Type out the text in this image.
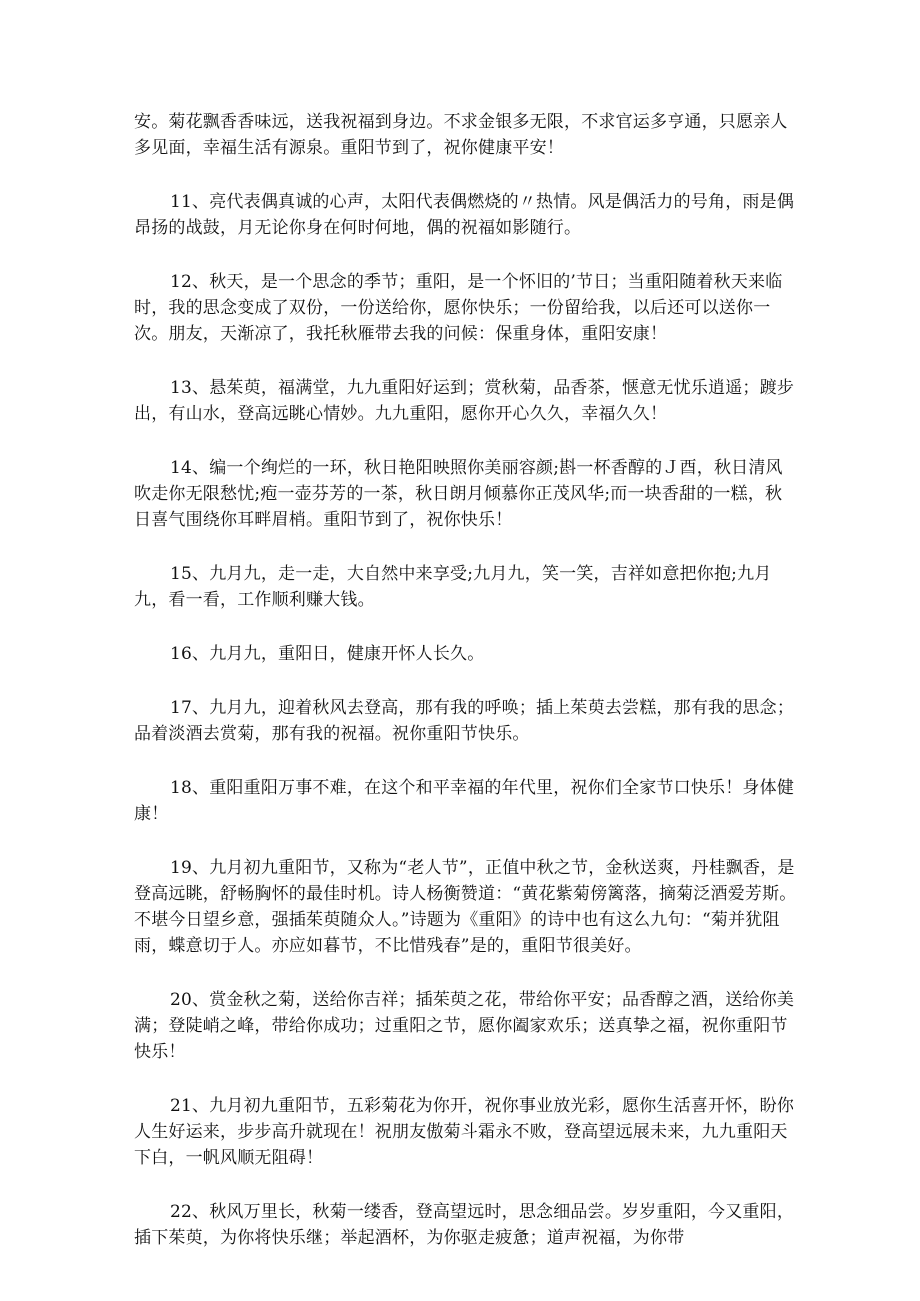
安。菊花飘香香味远，送我祝福到身边。不求金银多无限，不求官运多亨通，只愿亲人多见面，幸福生活有源泉。重阳节到了，祝你健康平安！

11、亮代表偶真诚的心声，太阳代表偶燃烧的〃热情。风是偶活力的号角，雨是偶昂扬的战鼓，月无论你身在何时何地，偶的祝福如影随行。

12、秋天，是一个思念的季节；重阳，是一个怀旧的’节日；当重阳随着秋天来临时，我的思念变成了双份，一份送给你，愿你快乐；一份留给我，以后还可以送你一次。朋友，天渐凉了，我托秋雁带去我的问候：保重身体，重阳安康！

13、悬茱萸，福满堂，九九重阳好运到；赏秋菊，品香茶，惬意无忧乐逍遥；踱步出，有山水，登高远眺心情妙。九九重阳，愿你开心久久，幸福久久！

14、编一个绚烂的一环，秋日艳阳映照你美丽容颜;斟一杯香醇的Ｊ酉，秋日清风吹走你无限愁忧;疱一壶芬芳的一茶，秋日朗月倾慕你正茂风华;而一块香甜的一糕，秋日喜气围绕你耳畔眉梢。重阳节到了，祝你快乐！

15、九月九，走一走，大自然中来享受;九月九，笑一笑，吉祥如意把你抱;九月九，看一看，工作顺利赚大钱。

16、九月九，重阳日，健康开怀人长久。

17、九月九，迎着秋风去登高，那有我的呼唤；插上茱萸去尝糕，那有我的思念；品着淡酒去赏菊，那有我的祝福。祝你重阳节快乐。

18、重阳重阳万事不难，在这个和平幸福的年代里，祝你们全家节口快乐！身体健康！

19、九月初九重阳节，又称为“老人节”，正值中秋之节，金秋送爽，丹桂飘香，是登高远眺，舒畅胸怀的最佳时机。诗人杨衡赞道：“黄花紫菊傍篱落，摘菊泛酒爱芳斯。不堪今日望乡意，强插茱萸随众人。”诗题为《重阳》的诗中也有这么九句：“菊并犹阻雨，蝶意切于人。亦应如暮节，不比惜残春”是的，重阳节很美好。

20、赏金秋之菊，送给你吉祥；插茱萸之花，带给你平安；品香醇之酒，送给你美满；登陡峭之峰，带给你成功；过重阳之节，愿你阖家欢乐；送真挚之福，祝你重阳节快乐！

21、九月初九重阳节，五彩菊花为你开，祝你事业放光彩，愿你生活喜开怀，盼你人生好运来，步步高升就现在！祝朋友傲菊斗霜永不败，登高望远展未来，九九重阳天下白，一帆风顺无阻碍！

22、秋风万里长，秋菊一缕香，登高望远时，思念细品尝。岁岁重阳，今又重阳，插下茱萸，为你将快乐继；举起酒杯，为你驱走疲惫；道声祝福，为你带
